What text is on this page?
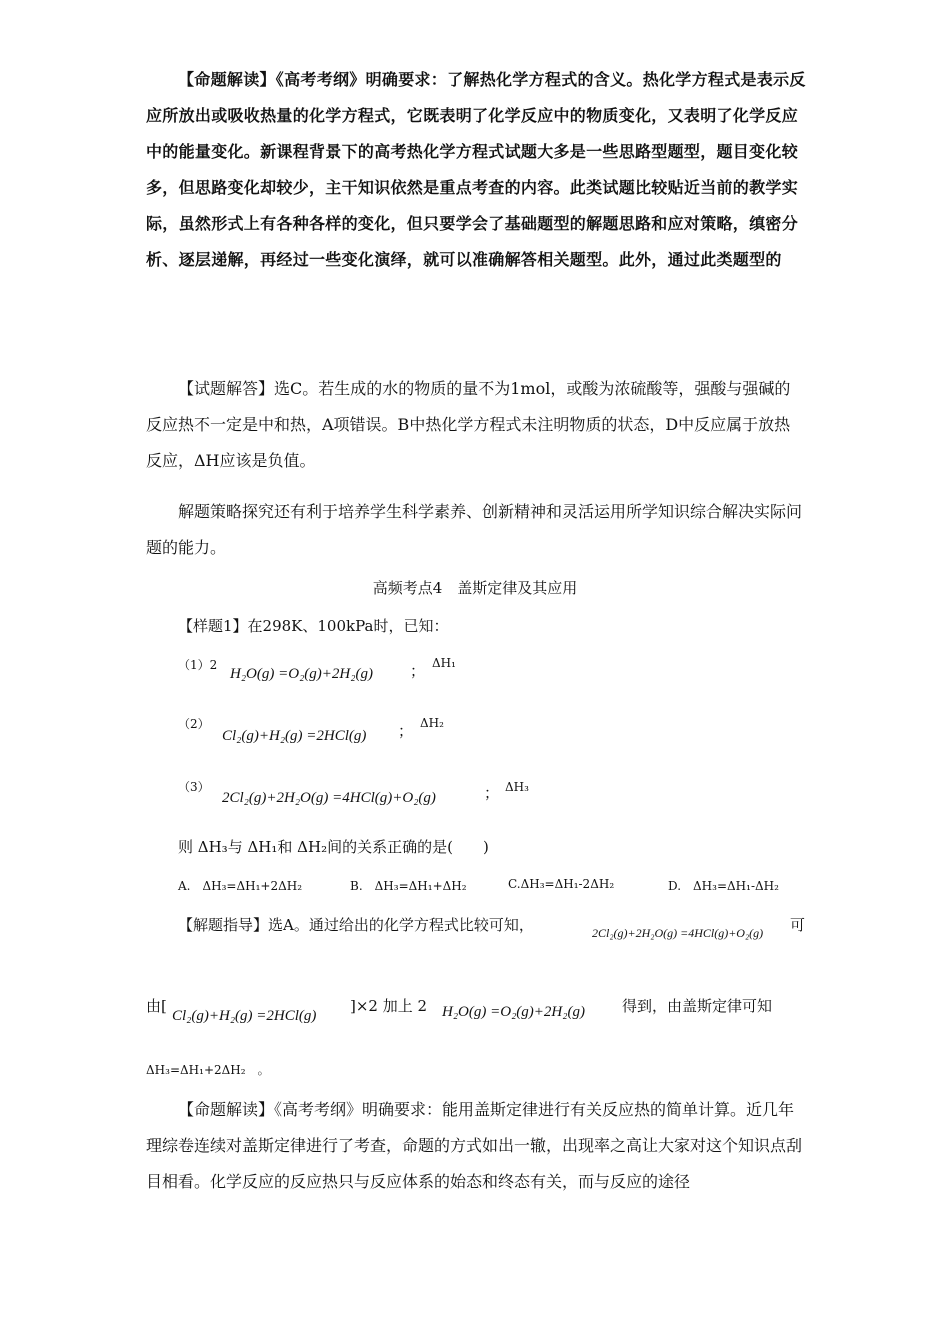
【命题解读】《高考考纲》明确要求：了解热化学方程式的含义。热化学方程式是表示反应所放出或吸收热量的化学方程式，它既表明了化学反应中的物质变化，又表明了化学反应中的能量变化。新课程背景下的高考热化学方程式试题大多是一些思路型题型，题目变化较多，但思路变化却较少，主干知识依然是重点考查的内容。此类试题比较贴近当前的教学实际，虽然形式上有各种各样的变化，但只要学会了基础题型的解题思路和应对策略，缜密分析、逐层递解，再经过一些变化演绎，就可以准确解答相关题型。此外，通过此类题型的
【试题解答】选C。若生成的水的物质的量不为1mol，或酸为浓硫酸等，强酸与强碱的反应热不一定是中和热，A项错误。B中热化学方程式未注明物质的状态，D中反应属于放热反应，ΔH应该是负值。
解题策略探究还有利于培养学生科学素养、创新精神和灵活运用所学知识综合解决实际问题的能力。
高频考点4　盖斯定律及其应用
【样题1】在298K、100kPa时，已知：
（1）2
H₂O(g) =O₂(g)+2H₂(g) ； ΔH₁
（2）
Cl₂(g)+H₂(g) =2HCl(g) ； ΔH₂
（3）
2Cl₂(g)+2H₂O(g) =4HCl(g)+O₂(g)	； ΔH₃
则 ΔH₃与 ΔH₁和 ΔH₂间的关系正确的是(　　)
A.　ΔH₃=ΔH₁+2ΔH₂	B.　ΔH₃=ΔH₁+ΔH₂	C.ΔH₃=ΔH₁-2ΔH₂	D.　ΔH₃=ΔH₁-ΔH₂
【解题指导】选A。通过给出的化学方程式比较可知，	2Cl₂(g)+2H₂O(g) =4HCl(g)+O₂(g) 可
由[
Cl₂(g)+H₂(g) =2HCl(g)
]×2 加上 2 H₂O(g) =O₂(g)+2H₂(g) 得到，由盖斯定律可知
ΔH₃=ΔH₁+2ΔH₂　。
【命题解读】《高考考纲》明确要求：能用盖斯定律进行有关反应热的简单计算。近几年理综卷连续对盖斯定律进行了考查，命题的方式如出一辙，出现率之高让大家对这个知识点刮目相看。化学反应的反应热只与反应体系的始态和终态有关，而与反应的途径
